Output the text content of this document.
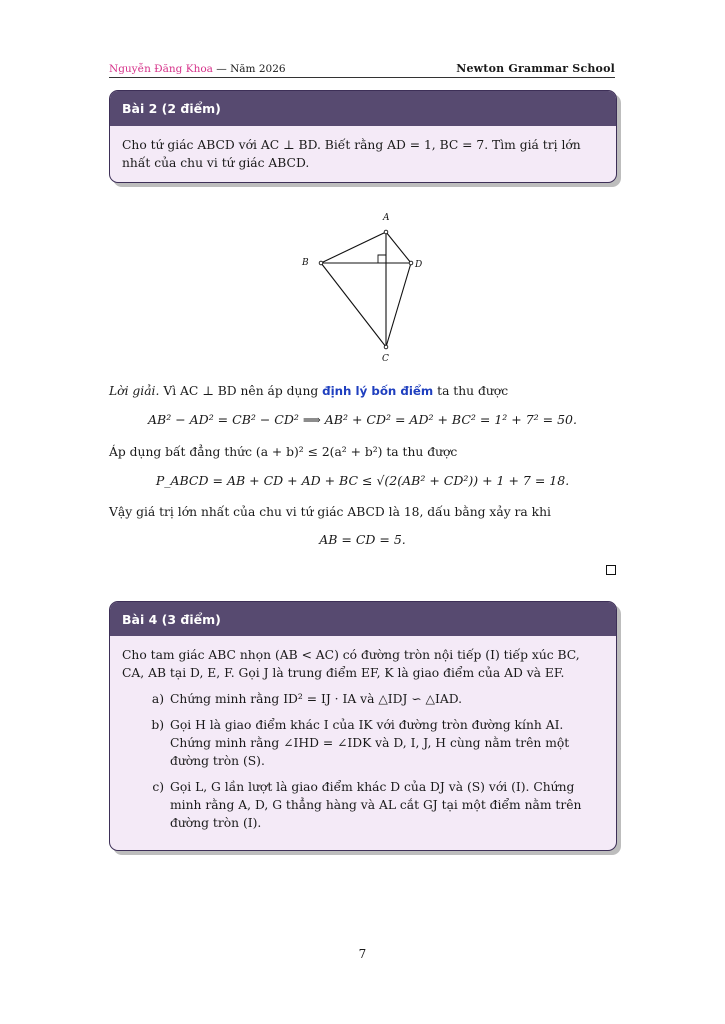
Nguyễn Đăng Khoa — Năm 2026	Newton Grammar School
Bài 2 (2 điểm)
Cho tứ giác ABCD với AC ⊥ BD. Biết rằng AD = 1, BC = 7. Tìm giá trị lớn nhất của chu vi tứ giác ABCD.
A
B
C
D
Lời giải. Vì AC ⊥ BD nên áp dụng định lý bốn điểm ta thu được
AB² − AD² = CB² − CD² ⟹ AB² + CD² = AD² + BC² = 1² + 7² = 50.
Áp dụng bất đẳng thức (a + b)² ≤ 2(a² + b²) ta thu được
P_ABCD = AB + CD + AD + BC ≤ √(2(AB² + CD²)) + 1 + 7 = 18.
Vậy giá trị lớn nhất của chu vi tứ giác ABCD là 18, dấu bằng xảy ra khi
AB = CD = 5.
Bài 4 (3 điểm)
Cho tam giác ABC nhọn (AB < AC) có đường tròn nội tiếp (I) tiếp xúc BC, CA, AB tại D, E, F. Gọi J là trung điểm EF, K là giao điểm của AD và EF.
a) Chứng minh rằng ID² = IJ · IA và △IDJ ∽ △IAD.
b) Gọi H là giao điểm khác I của IK với đường tròn đường kính AI. Chứng minh rằng ∠IHD = ∠IDK và D, I, J, H cùng nằm trên một đường tròn (S).
c) Gọi L, G lần lượt là giao điểm khác D của DJ và (S) với (I). Chứng minh rằng A, D, G thẳng hàng và AL cắt GJ tại một điểm nằm trên đường tròn (I).
7
